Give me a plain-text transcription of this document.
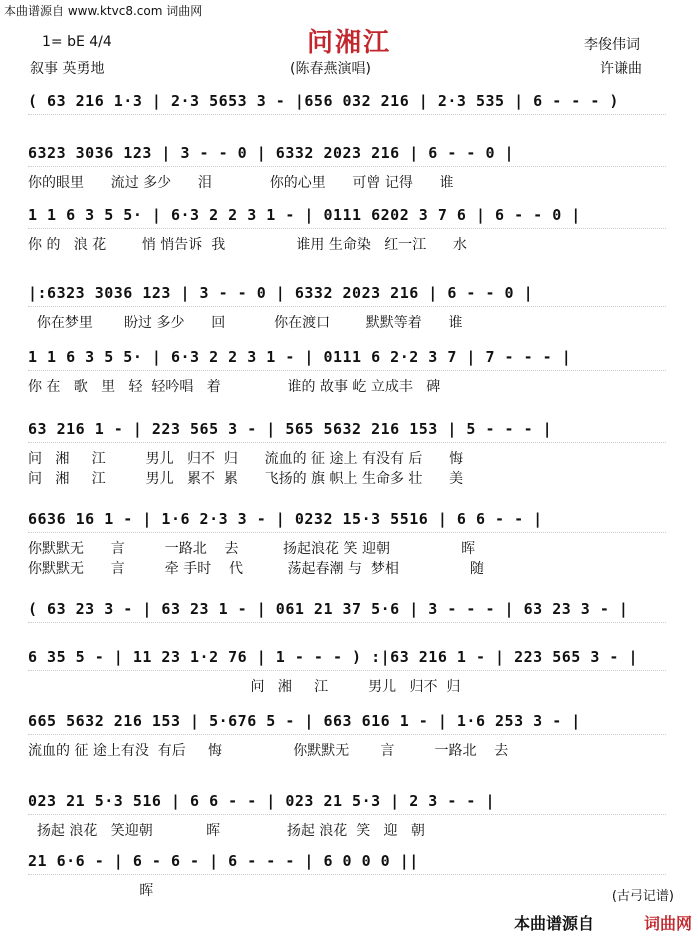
本曲谱源自 www.ktvc8.com 词曲网
问湘江
1= bE 4/4
叙事 英勇地	(陈春燕演唱)
李俊伟词
许谦曲
( 63 216 1·3 | 2·3 5653 3 - |656 032 216 | 2·3 535 | 6 - - - )
6323 3036 123 | 3 - - 0 | 6332 2023 216 | 6 - - 0 |
你的眼里      流过 多少      泪             你的心里      可曾 记得      谁
1 1 6 3 5 5· | 6·3 2 2 3 1 - | 0111 6202 3 7 6 | 6 - - 0 |
你 的   浪 花        悄 悄告诉  我                谁用 生命染   红一江      水
|:6323 3036 123 | 3 - - 0 | 6332 2023 216 | 6 - - 0 |
你在梦里       盼过 多少      回           你在渡口        默默等着      谁
1 1 6 3 5 5· | 6·3 2 2 3 1 - | 0111 6 2·2 3 7 | 7 - - - |
你 在   歌   里   轻  轻吟唱   着               谁的 故事 屹 立成丰   碑
63 216 1 - | 223 565 3 - | 565 5632 216 153 | 5 - - - |
问   湘     江         男儿   归不  归      流血的 征 途上 有没有 后      悔
问   湘     江         男儿   累不  累      飞扬的 旗 帜上 生命多 壮      美
6636 16 1 - | 1·6 2·3 3 - | 0232 15·3 5516 | 6 6 - - |
你默默无      言         一路北    去          扬起浪花 笑 迎朝                晖
你默默无      言         牵 手时    代          荡起春潮 与  梦相                随
( 63 23 3 - | 63 23 1 - | 061 21 37 5·6 | 3 - - - | 63 23 3 - |
6 35 5 - | 11 23 1·2 76 | 1 - - - ) :|63 216 1 - | 223 565 3 - |
问   湘     江         男儿   归不  归
665 5632 216 153 | 5·676 5 - | 663 616 1 - | 1·6 253 3 - |
流血的 征 途上有没  有后     悔                你默默无       言         一路北    去
023 21 5·3 516 | 6 6 - - | 023 21 5·3 | 2 3 - - |
扬起 浪花   笑迎朝            晖               扬起 浪花  笑   迎   朝
21 6·6 - | 6 - 6 - | 6 - - - | 6 0 0 0 ||
晖	(古弓记谱)
本曲谱源自	词曲网
